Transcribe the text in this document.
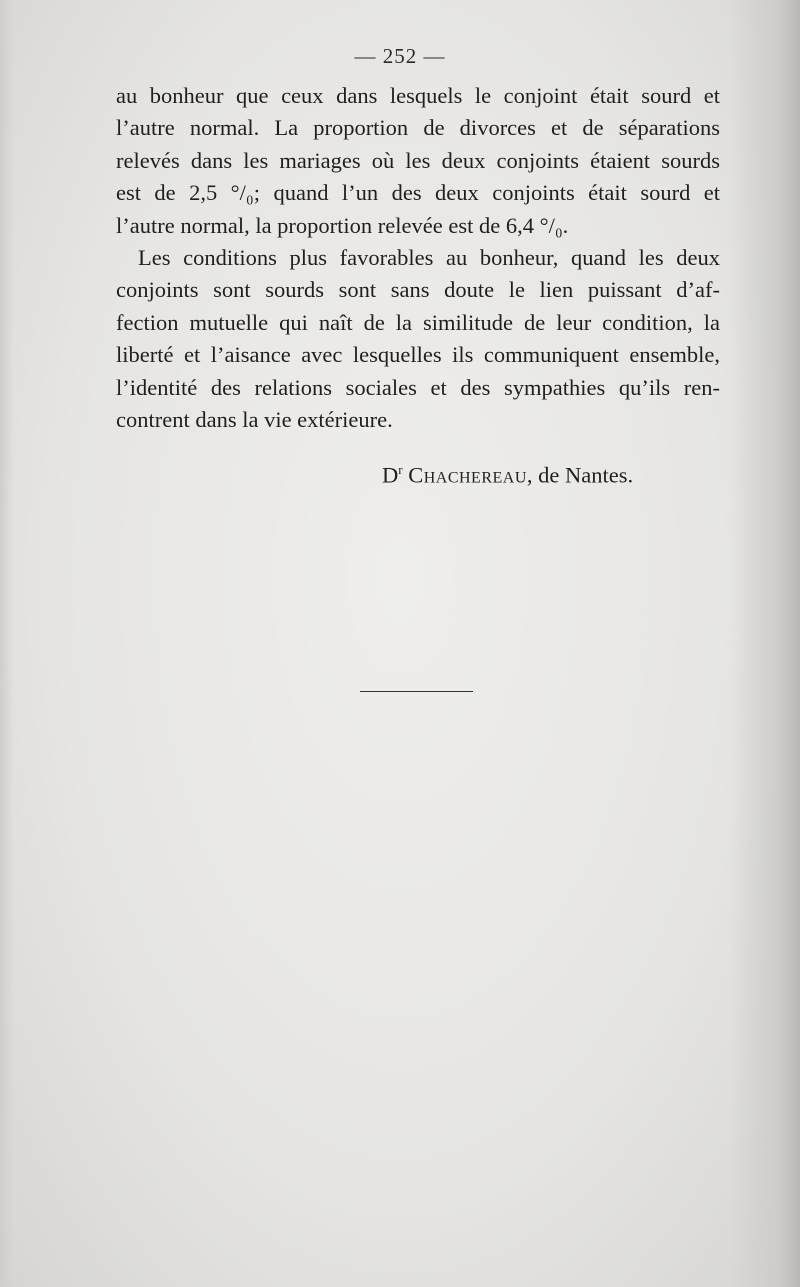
— 252 —

au bonheur que ceux dans lesquels le conjoint était sourd et
l’autre normal. La proportion de divorces et de séparations
relevés dans les mariages où les deux conjoints étaient sourds
est de 2,5 °/₀; quand l’un des deux conjoints était sourd et
l’autre normal, la proportion relevée est de 6,4 °/₀.

Les conditions plus favorables au bonheur, quand les deux
conjoints sont sourds sont sans doute le lien puissant d’af-
fection mutuelle qui naît de la similitude de leur condition, la
liberté et l’aisance avec lesquelles ils communiquent ensemble,
l’identité des relations sociales et des sympathies qu’ils ren-
contrent dans la vie extérieure.

$D^r$ Chachereau, de Nantes.
